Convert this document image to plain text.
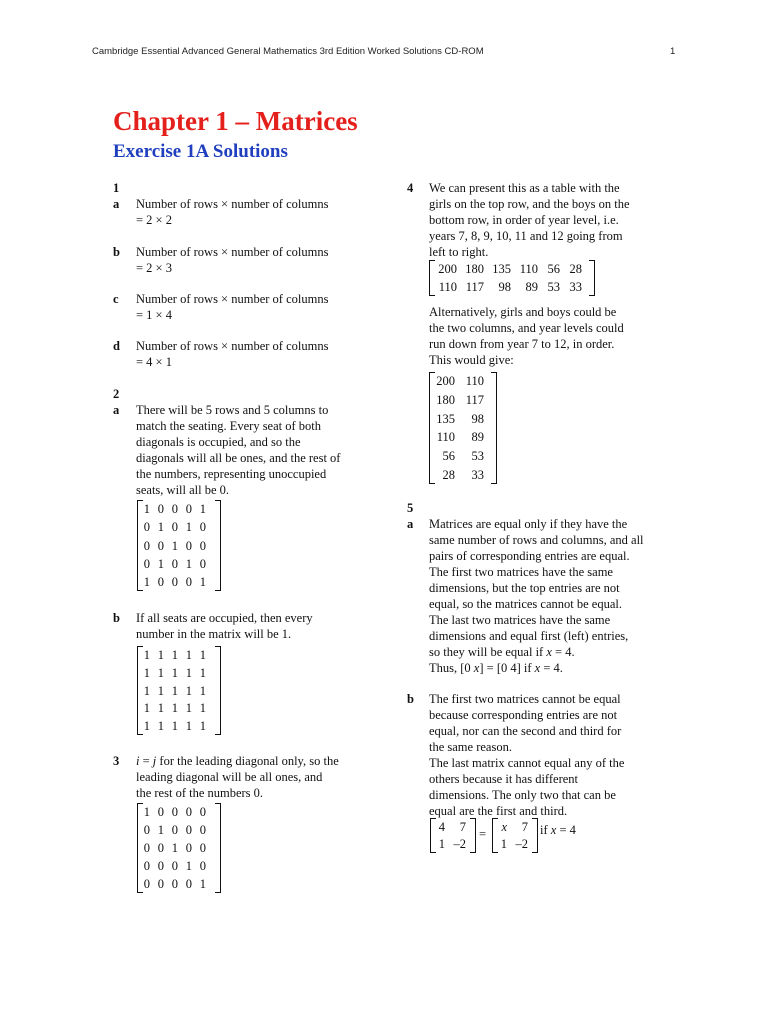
Cambridge Essential Advanced General Mathematics 3rd Edition Worked Solutions CD-ROM	1
Chapter 1 – Matrices
Exercise 1A Solutions
1
a Number of rows × number of columns
= 2 × 2
b Number of rows × number of columns
= 2 × 3
c Number of rows × number of columns
= 1 × 4
d Number of rows × number of columns
= 4 × 1
2
a There will be 5 rows and 5 columns to
match the seating. Every seat of both
diagonals is occupied, and so the
diagonals will all be ones, and the rest of
the numbers, representing unoccupied
seats, will all be 0.
1 0 0 0 1
0 1 0 1 0
0 0 1 0 0
0 1 0 1 0
1 0 0 0 1
b If all seats are occupied, then every
number in the matrix will be 1.
1 1 1 1 1
1 1 1 1 1
1 1 1 1 1
1 1 1 1 1
1 1 1 1 1
3 i = j for the leading diagonal only, so the
leading diagonal will be all ones, and
the rest of the numbers 0.
1 0 0 0 0
0 1 0 0 0
0 0 1 0 0
0 0 0 1 0
0 0 0 0 1
4 We can present this as a table with the
girls on the top row, and the boys on the
bottom row, in order of year level, i.e.
years 7, 8, 9, 10, 11 and 12 going from
left to right.
200 180 135 110 56 28
110 117	98	89 53 33
Alternatively, girls and boys could be
the two columns, and year levels could
run down from year 7 to 12, in order.
This would give:
200 110
180 117
135	98
110	89
56	53
28	33
5
a Matrices are equal only if they have the
same number of rows and columns, and all
pairs of corresponding entries are equal.
The first two matrices have the same
dimensions, but the top entries are not
equal, so the matrices cannot be equal.
The last two matrices have the same
dimensions and equal first (left) entries,
so they will be equal if x = 4.
Thus, [0 x] = [0 4] if x = 4.
b The first two matrices cannot be equal
because corresponding entries are not
equal, nor can the second and third for
the same reason.
The last matrix cannot equal any of the
others because it has different
dimensions. The only two that can be
equal are the first and third.
4	7
1 –2
=
x	7
1 –2
if x = 4
